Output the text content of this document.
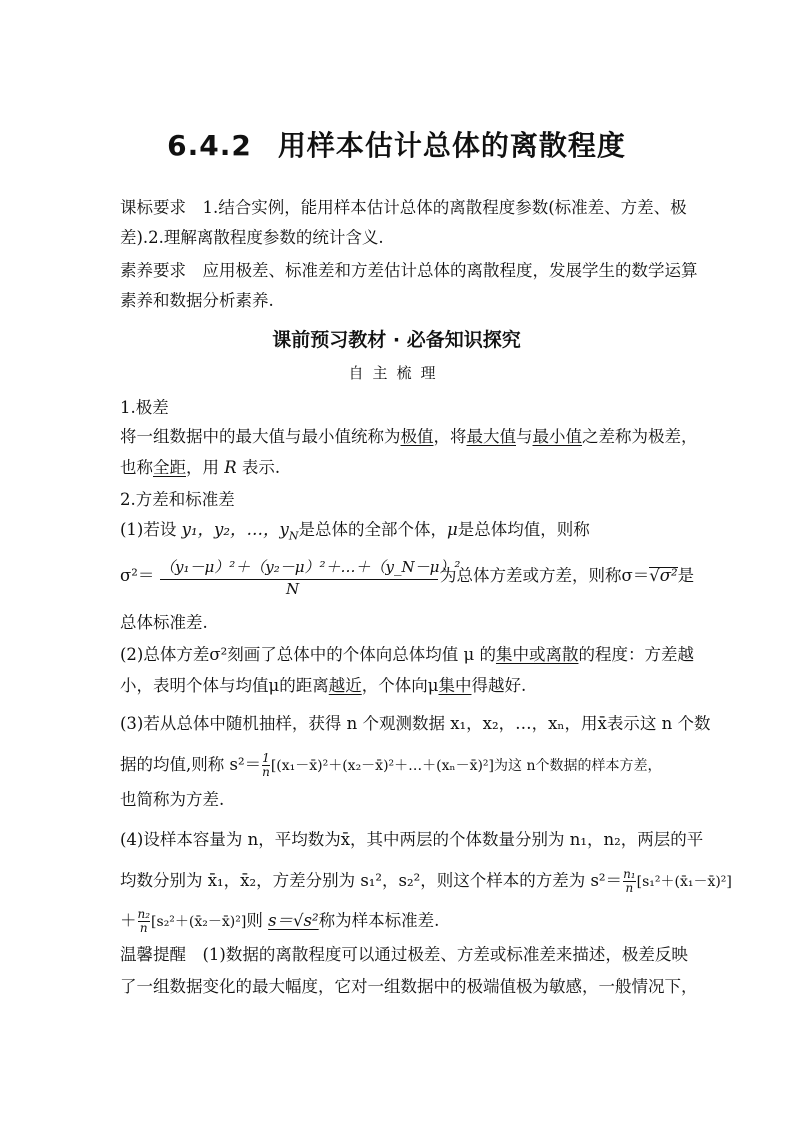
6.4.2 用样本估计总体的离散程度
课标要求　 1.结合实例，能用样本估计总体的离散程度参数(标准差、方差、极
差).2.理解离散程度参数的统计含义.
素养要求　 应用极差、标准差和方差估计总体的离散程度，发展学生的数学运算
素养和数据分析素养.
课前预习教材 · 必备知识探究
自主梳理
1.极差
将一组数据中的最大值与最小值统称为极值，将最大值与最小值之差称为极差，
也称全距，用 R 表示.
2.方差和标准差
(1)若设 y₁，y₂，…，$y_N$是总体的全部个体，μ是总体均值，则称
σ²＝ （y₁－μ）²＋（y₂－μ）²＋…＋（y_N－μ）²
N
为总体方差或方差，则称σ＝√σ²是
总体标准差.
(2)总体方差σ²刻画了总体中的个体向总体均值 μ 的集中或离散的程度：方差越
小，表明个体与均值μ的距离越近，个体向μ集中得越好.
(3)若从总体中随机抽样，获得 n 个观测数据 x₁，x₂，…，xₙ，用x̄表示这 n 个数
据的均值,则称 $s^2= \frac{1}{n}$ [(x₁－x̄)²＋(x₂－x̄)²＋…＋(xₙ－x̄)²]为这 n个数据的样本方差，
也简称为方差.
(4)设样本容量为 n，平均数为x̄，其中两层的个体数量分别为 n₁，n₂，两层的平
均数分别为 x̄₁，x̄₂，方差分别为 s₁²，s₂²，则这个样本的方差为 $s^2= \frac{\text{n₁}}{n}$ [s₁²＋(x̄₁－x̄)²]
＋ $\frac{\text{n₂}}{n}$ [s₂²＋(x̄₂－x̄)²]则 s＝√s²称为样本标准差.
温馨提醒　 (1)数据的离散程度可以通过极差、方差或标准差来描述，极差反映
了一组数据变化的最大幅度，它对一组数据中的极端值极为敏感，一般情况下，
